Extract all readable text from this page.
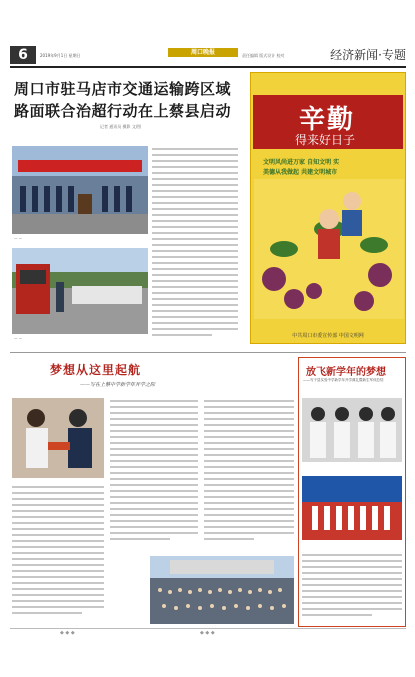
6	2019年9月1日 星期日	周口晚报	责任编辑 版式设计 校对	经济新闻·专题
周口市驻马店市交通运输跨区域
路面联合治超行动在上蔡县启动
记者 通讯员 摄影 文/图
— —
— —
辛勤
得来好日子
文明风尚进万家 自知文明 实
美德从我做起 共建文明城市
中共周口市委宣传部 中国文明网
梦想从这里起航
——写在上蔡中学新学年开学之际
放飞新学年的梦想
——写于县实验中学新学年开学典礼暨新生军训总结
◆ ◆ ◆	◆ ◆ ◆
